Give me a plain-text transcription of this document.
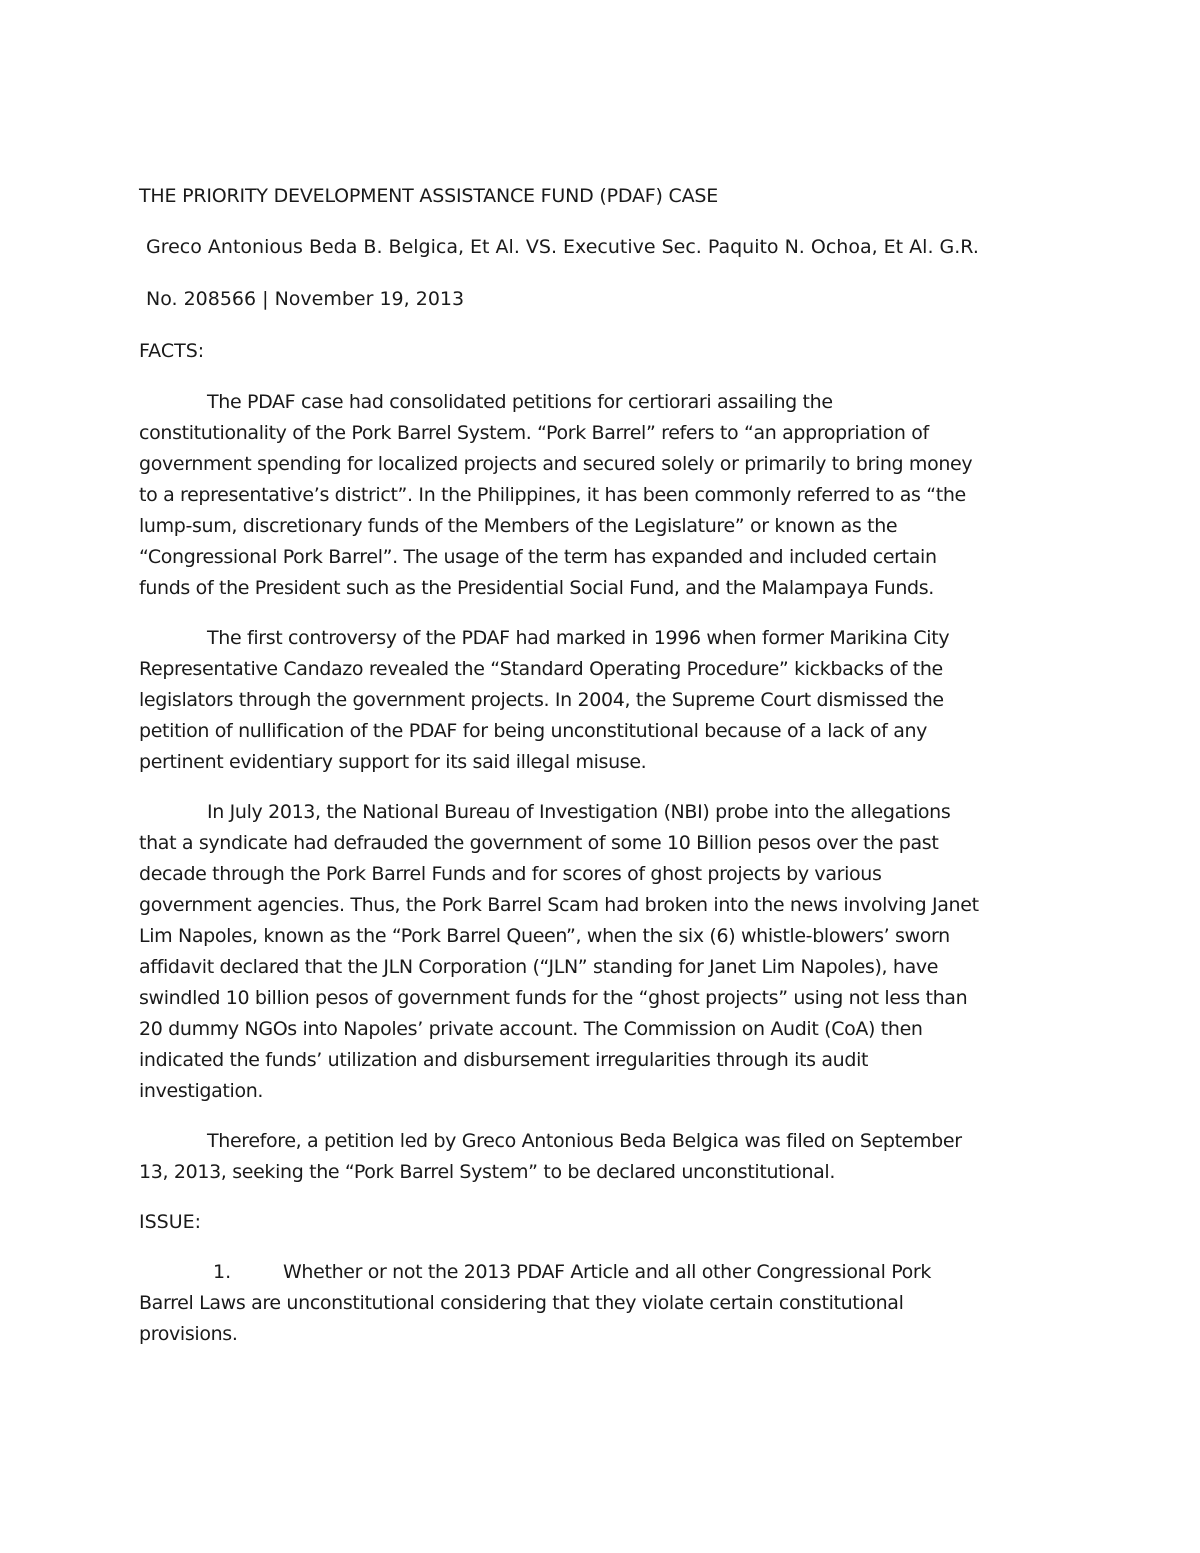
THE PRIORITY DEVELOPMENT ASSISTANCE FUND (PDAF) CASE

Greco Antonious Beda B. Belgica, Et Al. VS. Executive Sec. Paquito N. Ochoa, Et Al. G.R.

No. 208566 | November 19, 2013

FACTS:

The PDAF case had consolidated petitions for certiorari assailing the

constitutionality of the Pork Barrel System. “Pork Barrel” refers to “an appropriation of

government spending for localized projects and secured solely or primarily to bring money

to a representative’s district”. In the Philippines, it has been commonly referred to as “the

lump-sum, discretionary funds of the Members of the Legislature” or known as the

“Congressional Pork Barrel”. The usage of the term has expanded and included certain

funds of the President such as the Presidential Social Fund, and the Malampaya Funds.

The first controversy of the PDAF had marked in 1996 when former Marikina City

Representative Candazo revealed the “Standard Operating Procedure” kickbacks of the

legislators through the government projects. In 2004, the Supreme Court dismissed the

petition of nullification of the PDAF for being unconstitutional because of a lack of any

pertinent evidentiary support for its said illegal misuse.

In July 2013, the National Bureau of Investigation (NBI) probe into the allegations

that a syndicate had defrauded the government of some 10 Billion pesos over the past

decade through the Pork Barrel Funds and for scores of ghost projects by various

government agencies. Thus, the Pork Barrel Scam had broken into the news involving Janet

Lim Napoles, known as the “Pork Barrel Queen”, when the six (6) whistle-blowers’ sworn

affidavit declared that the JLN Corporation (“JLN” standing for Janet Lim Napoles), have

swindled 10 billion pesos of government funds for the “ghost projects” using not less than

20 dummy NGOs into Napoles’ private account. The Commission on Audit (CoA) then

indicated the funds’ utilization and disbursement irregularities through its audit

investigation.

Therefore, a petition led by Greco Antonious Beda Belgica was filed on September

13, 2013, seeking the “Pork Barrel System” to be declared unconstitutional.

ISSUE:

1.	Whether or not the 2013 PDAF Article and all other Congressional Pork

Barrel Laws are unconstitutional considering that they violate certain constitutional

provisions.
